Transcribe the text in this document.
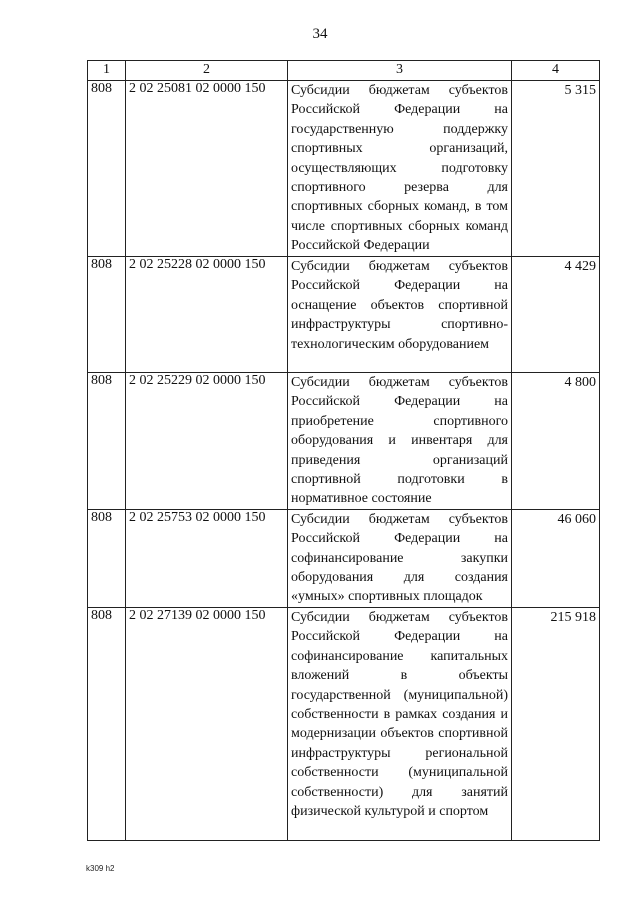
34
1	2	3	4
808	2 02 25081 02 0000 150	Субсидии бюджетам субъектов Российской Федерации на государственную поддержку спортивных организаций, осуществляющих подготовку спортивного резерва для спортивных сборных команд, в том числе спортивных сборных команд Российской Федерации	5 315
808	2 02 25228 02 0000 150	Субсидии бюджетам субъектов Российской Федерации на оснащение объектов спортивной инфраструктуры спортивно-технологическим оборудованием	4 429
808	2 02 25229 02 0000 150	Субсидии бюджетам субъектов Российской Федерации на приобретение спортивного оборудования и инвентаря для приведения организаций спортивной подготовки в нормативное состояние	4 800
808	2 02 25753 02 0000 150	Субсидии бюджетам субъектов Российской Федерации на софинансирование закупки оборудования для создания «умных» спортивных площадок	46 060
808	2 02 27139 02 0000 150	Субсидии бюджетам субъектов Российской Федерации на софинансирование капитальных вложений в объекты государственной (муниципальной) собственности в рамках создания и модернизации объектов спортивной инфраструктуры региональной собственности (муниципальной собственности) для занятий физической культурой и спортом	215 918
k309 h2
